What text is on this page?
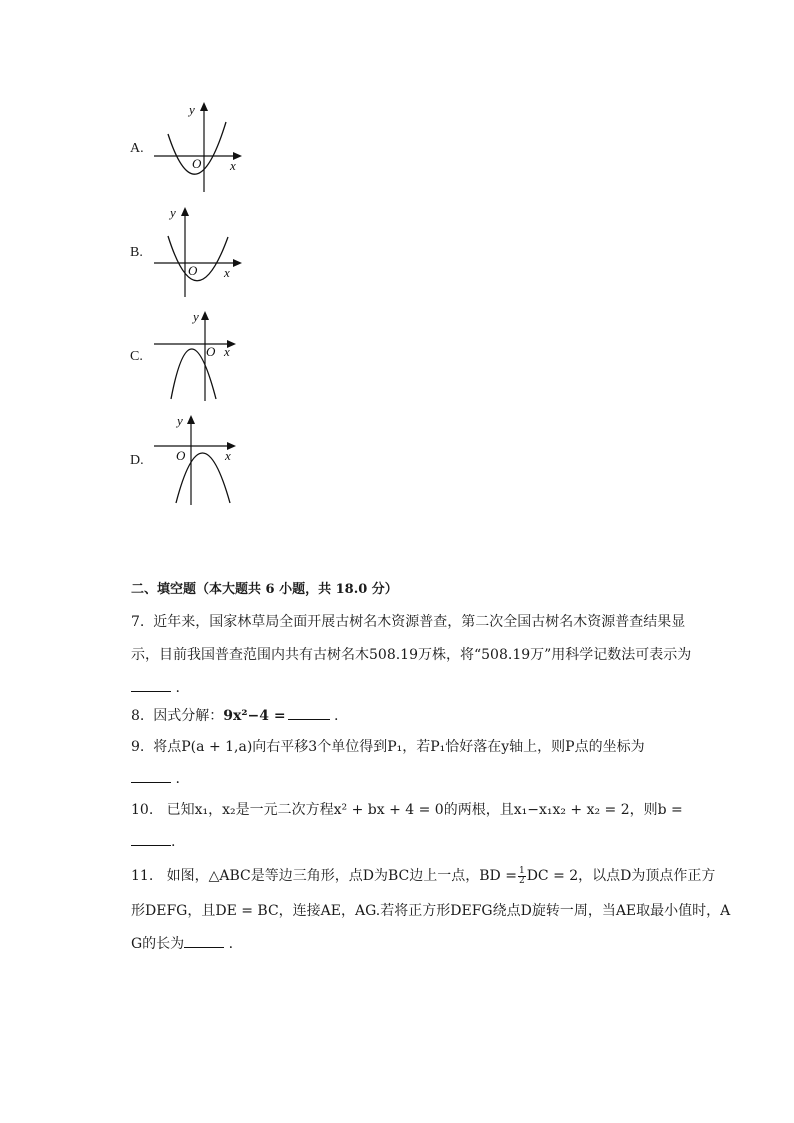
A.
y
x
O
B.
y
x
O
C.
y
x
O
D.
y
x
O
二、填空题（本大题共 6 小题，共 18.0 分）
7. 近年来，国家林草局全面开展古树名木资源普查，第二次全国古树名木资源普查结果显
示，目前我国普查范围内共有古树名木508.19万株，将“508.19万”用科学记数法可表示为
.
8. 因式分解：9x²−4 =	.
9. 将点P(a + 1,a)向右平移3个单位得到P₁，若P₁恰好落在y轴上，则P点的坐标为
.
10. 已知x₁，x₂是一元二次方程x² + bx + 4 = 0的两根，且x₁−x₁x₂ + x₂ = 2，则b =
.
11. 如图，△ABC是等边三角形，点D为BC边上一点，BD = $\frac{1}{2}$ DC = 2，以点D为顶点作正方
形DEFG，且DE = BC，连接AE，AG.若将正方形DEFG绕点D旋转一周，当AE取最小值时，A
G的长为	.
